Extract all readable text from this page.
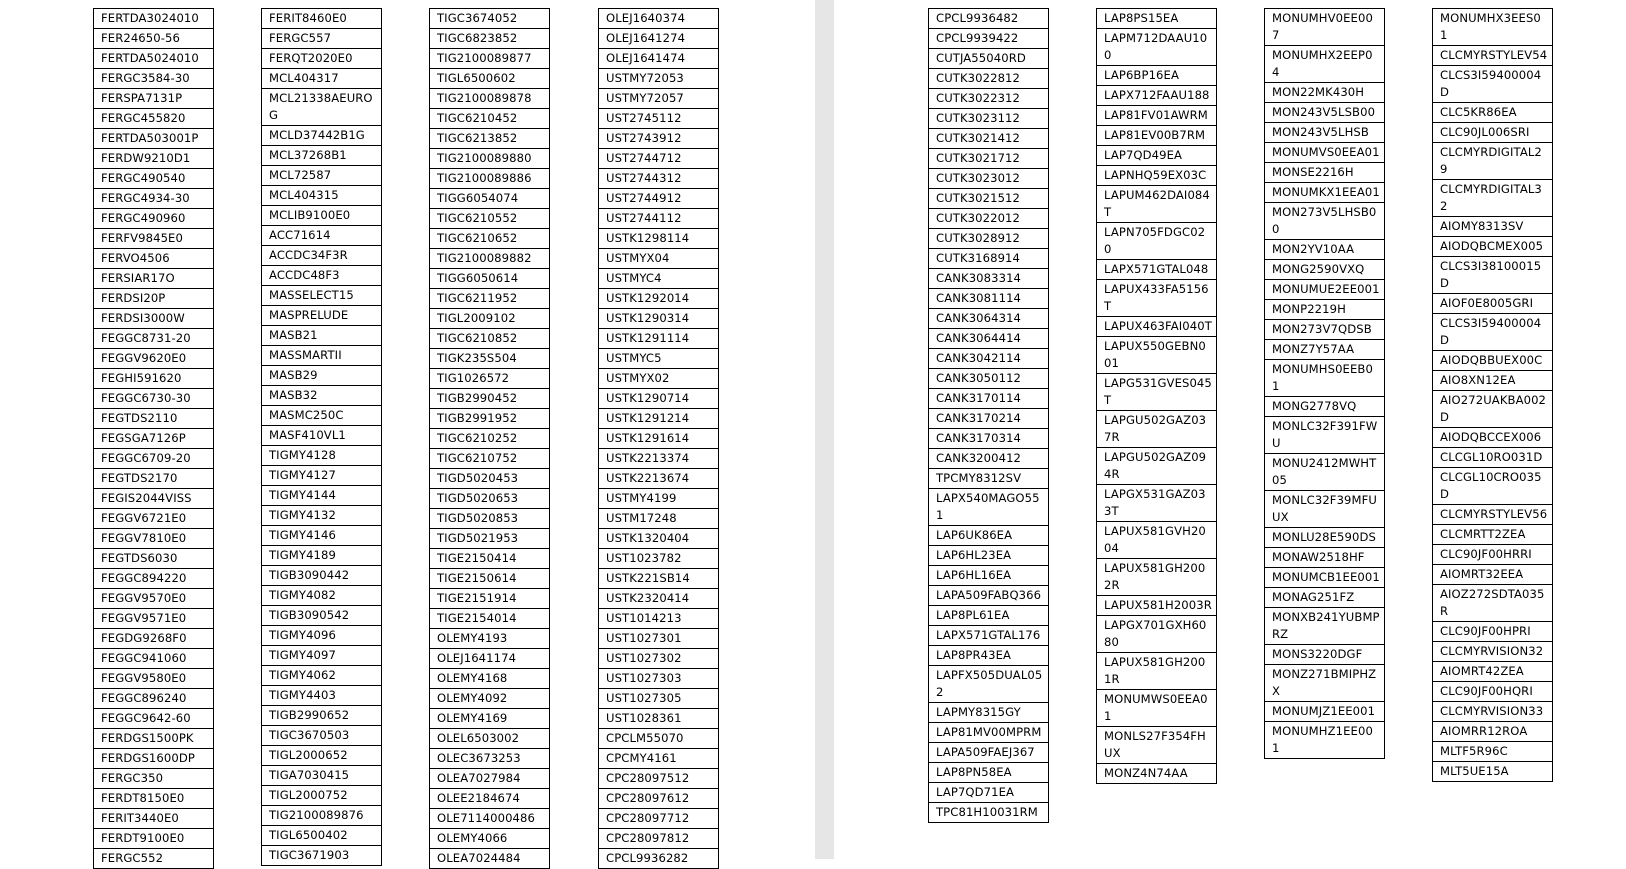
FERTDA3024010
FER24650-56
FERTDA5024010
FERGC3584-30
FERSPA7131P
FERGC455820
FERTDA503001P
FERDW9210D1
FERGC490540
FERGC4934-30
FERGC490960
FERFV9845E0
FERVO4506
FERSIAR17O
FERDSI20P
FERDSI3000W
FEGGC8731-20
FEGGV9620E0
FEGHI591620
FEGGC6730-30
FEGTDS2110
FEGSGA7126P
FEGGC6709-20
FEGTDS2170
FEGIS2044VISS
FEGGV6721E0
FEGGV7810E0
FEGTDS6030
FEGGC894220
FEGGV9570E0
FEGGV9571E0
FEGDG9268F0
FEGGC941060
FEGGV9580E0
FEGGC896240
FEGGC9642-60
FERDGS1500PK
FERDGS1600DP
FERGC350
FERDT8150E0
FERIT3440E0
FERDT9100E0
FERGC552
FERIT8460E0
FERGC557
FERQT2020E0
MCL404317
MCL21338AEUROG
MCLD37442B1G
MCL37268B1
MCL72587
MCL404315
MCLIB9100E0
ACC71614
ACCDC34F3R
ACCDC48F3
MASSELECT15
MASPRELUDE
MASB21
MASSMARTII
MASB29
MASB32
MASMC250C
MASF410VL1
TIGMY4128
TIGMY4127
TIGMY4144
TIGMY4132
TIGMY4146
TIGMY4189
TIGB3090442
TIGMY4082
TIGB3090542
TIGMY4096
TIGMY4097
TIGMY4062
TIGMY4403
TIGB2990652
TIGC3670503
TIGL2000652
TIGA7030415
TIGL2000752
TIG2100089876
TIGL6500402
TIGC3671903
TIGC3674052
TIGC6823852
TIG2100089877
TIGL6500602
TIG2100089878
TIGC6210452
TIGC6213852
TIG2100089880
TIG2100089886
TIGG6054074
TIGC6210552
TIGC6210652
TIG2100089882
TIGG6050614
TIGC6211952
TIGL2009102
TIGC6210852
TIGK235S504
TIG1026572
TIGB2990452
TIGB2991952
TIGC6210252
TIGC6210752
TIGD5020453
TIGD5020653
TIGD5020853
TIGD5021953
TIGE2150414
TIGE2150614
TIGE2151914
TIGE2154014
OLEMY4193
OLEJ1641174
OLEMY4168
OLEMY4092
OLEMY4169
OLEL6503002
OLEC3673253
OLEA7027984
OLEE2184674
OLE7114000486
OLEMY4066
OLEA7024484
OLEJ1640374
OLEJ1641274
OLEJ1641474
USTMY72053
USTMY72057
UST2745112
UST2743912
UST2744712
UST2744312
UST2744912
UST2744112
USTK1298114
USTMYX04
USTMYC4
USTK1292014
USTK1290314
USTK1291114
USTMYC5
USTMYX02
USTK1290714
USTK1291214
USTK1291614
USTK2213374
USTK2213674
USTMY4199
USTM17248
USTK1320404
UST1023782
USTK221SB14
USTK2320414
UST1014213
UST1027301
UST1027302
UST1027303
UST1027305
UST1028361
CPCLM55070
CPCMY4161
CPC28097512
CPC28097612
CPC28097712
CPC28097812
CPCL9936282
CPCL9936482
CPCL9939422
CUTJA55040RD
CUTK3022812
CUTK3022312
CUTK3023112
CUTK3021412
CUTK3021712
CUTK3023012
CUTK3021512
CUTK3022012
CUTK3028912
CUTK3168914
CANK3083314
CANK3081114
CANK3064314
CANK3064414
CANK3042114
CANK3050112
CANK3170114
CANK3170214
CANK3170314
CANK3200412
TPCMY8312SV
LAPX540MAGO551
LAP6UK86EA
LAP6HL23EA
LAP6HL16EA
LAPA509FABQ366
LAP8PL61EA
LAPX571GTAL176
LAP8PR43EA
LAPFX505DUAL052
LAPMY8315GY
LAP81MV00MPRM
LAPA509FAEJ367
LAP8PN58EA
LAP7QD71EA
TPC81H10031RM
LAP8PS15EA
LAPM712DAAU100
LAP6BP16EA
LAPX712FAAU188
LAP81FV01AWRM
LAP81EV00B7RM
LAP7QD49EA
LAPNHQ59EX03C
LAPUM462DAI084T
LAPN705FDGC020
LAPX571GTAL048
LAPUX433FA5156T
LAPUX463FAI040T
LAPUX550GEBN001
LAPG531GVES045T
LAPGU502GAZ037R
LAPGU502GAZ094R
LAPGX531GAZ033T
LAPUX581GVH2004
LAPUX581GH2002R
LAPUX581H2003R
LAPGX701GXH6080
LAPUX581GH2001R
MONUMWS0EEA01
MONLS27F354FHUX
MONZ4N74AA
MONUMHV0EE007
MONUMHX2EEP04
MON22MK430H
MON243V5LSB00
MON243V5LHSB
MONUMVS0EEA01
MONSE2216H
MONUMKX1EEA01
MON273V5LHSB00
MON2YV10AA
MONG2590VXQ
MONUMUE2EE001
MONP2219H
MON273V7QDSB
MONZ7Y57AA
MONUMHS0EEB01
MONG2778VQ
MONLC32F391FWU
MONU2412MWHT05
MONLC32F39MFUUX
MONLU28E590DS
MONAW2518HF
MONUMCB1EE001
MONAG251FZ
MONXB241YUBMPRZ
MONS3220DGF
MONZ271BMIPHZX
MONUMJZ1EE001
MONUMHZ1EE001
MONUMHX3EES01
CLCMYRSTYLEV54
CLCS3I59400004D
CLC5KR86EA
CLC90JL006SRI
CLCMYRDIGITAL29
CLCMYRDIGITAL32
AIOMY8313SV
AIODQBCMEX005
CLCS3I38100015D
AIOF0E8005GRI
CLCS3I59400004D
AIODQBBUEX00C
AIO8XN12EA
AIO272UAKBA002D
AIODQBCCEX006
CLCGL10RO031D
CLCGL10CRO035D
CLCMYRSTYLEV56
CLCMRTT2ZEA
CLC90JF00HRRI
AIOMRT32EEA
AIOZ272SDTA035R
CLC90JF00HPRI
CLCMYRVISION32
AIOMRT42ZEA
CLC90JF00HQRI
CLCMYRVISION33
AIOMRR12ROA
MLTF5R96C
MLT5UE15A
